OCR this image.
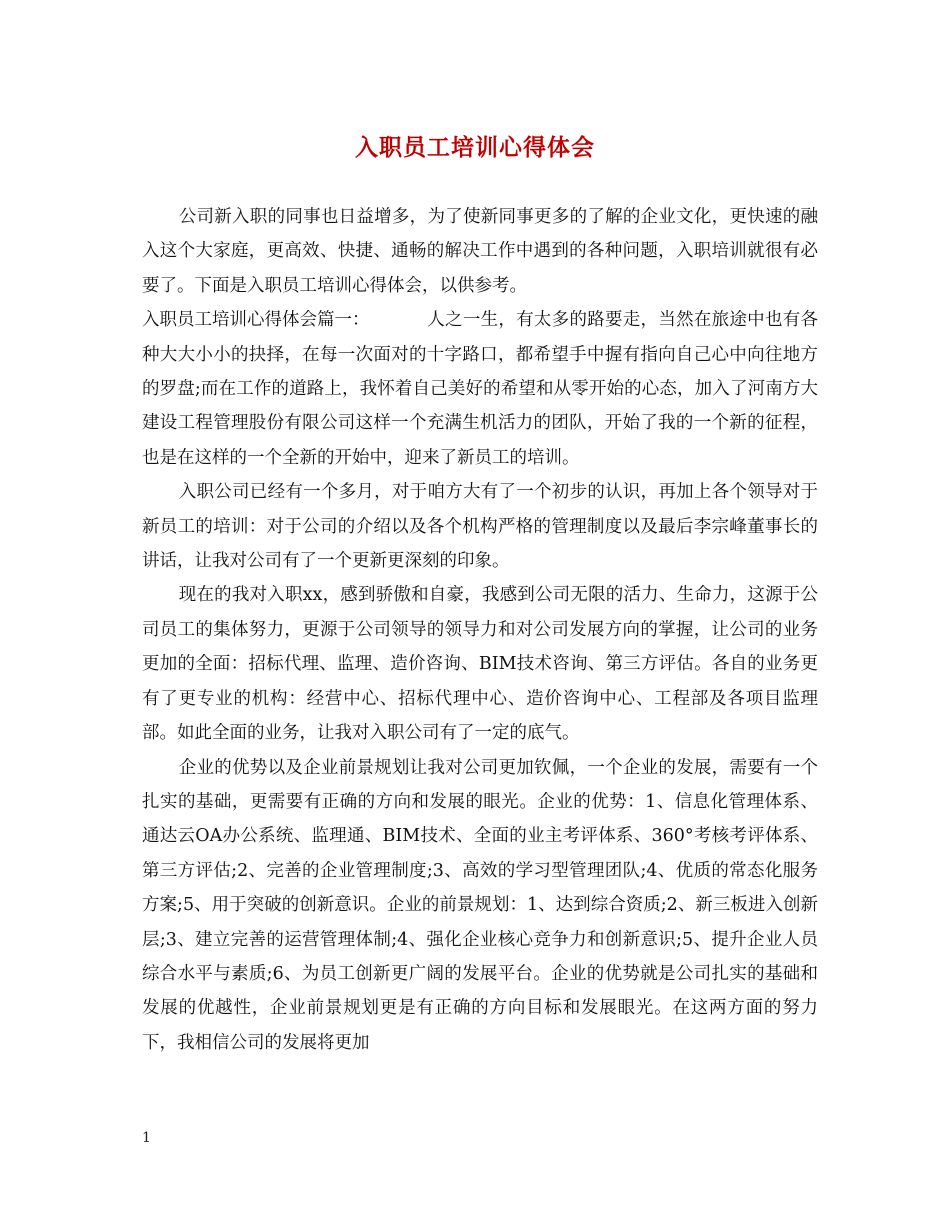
入职员工培训心得体会

公司新入职的同事也日益增多，为了使新同事更多的了解的企业文化，更快速的融入这个大家庭，更高效、快捷、通畅的解决工作中遇到的各种问题，入职培训就很有必要了。下面是入职员工培训心得体会，以供参考。

入职员工培训心得体会篇一：	人之一生，有太多的路要走，当然在旅途中也有各种大大小小的抉择，在每一次面对的十字路口，都希望手中握有指向自己心中向往地方的罗盘;而在工作的道路上，我怀着自己美好的希望和从零开始的心态，加入了河南方大建设工程管理股份有限公司这样一个充满生机活力的团队，开始了我的一个新的征程，也是在这样的一个全新的开始中，迎来了新员工的培训。

入职公司已经有一个多月，对于咱方大有了一个初步的认识，再加上各个领导对于新员工的培训：对于公司的介绍以及各个机构严格的管理制度以及最后李宗峰董事长的讲话，让我对公司有了一个更新更深刻的印象。

现在的我对入职xx，感到骄傲和自豪，我感到公司无限的活力、生命力，这源于公司员工的集体努力，更源于公司领导的领导力和对公司发展方向的掌握，让公司的业务更加的全面：招标代理、监理、造价咨询、BIM技术咨询、第三方评估。各自的业务更有了更专业的机构：经营中心、招标代理中心、造价咨询中心、工程部及各项目监理部。如此全面的业务，让我对入职公司有了一定的底气。

企业的优势以及企业前景规划让我对公司更加钦佩，一个企业的发展，需要有一个扎实的基础，更需要有正确的方向和发展的眼光。企业的优势：1、信息化管理体系、通达云OA办公系统、监理通、BIM技术、全面的业主考评体系、360°考核考评体系、第三方评估;2、完善的企业管理制度;3、高效的学习型管理团队;4、优质的常态化服务方案;5、用于突破的创新意识。企业的前景规划：1、达到综合资质;2、新三板进入创新层;3、建立完善的运营管理体制;4、强化企业核心竞争力和创新意识;5、提升企业人员综合水平与素质;6、为员工创新更广阔的发展平台。企业的优势就是公司扎实的基础和发展的优越性，企业前景规划更是有正确的方向目标和发展眼光。在这两方面的努力下，我相信公司的发展将更加

1
